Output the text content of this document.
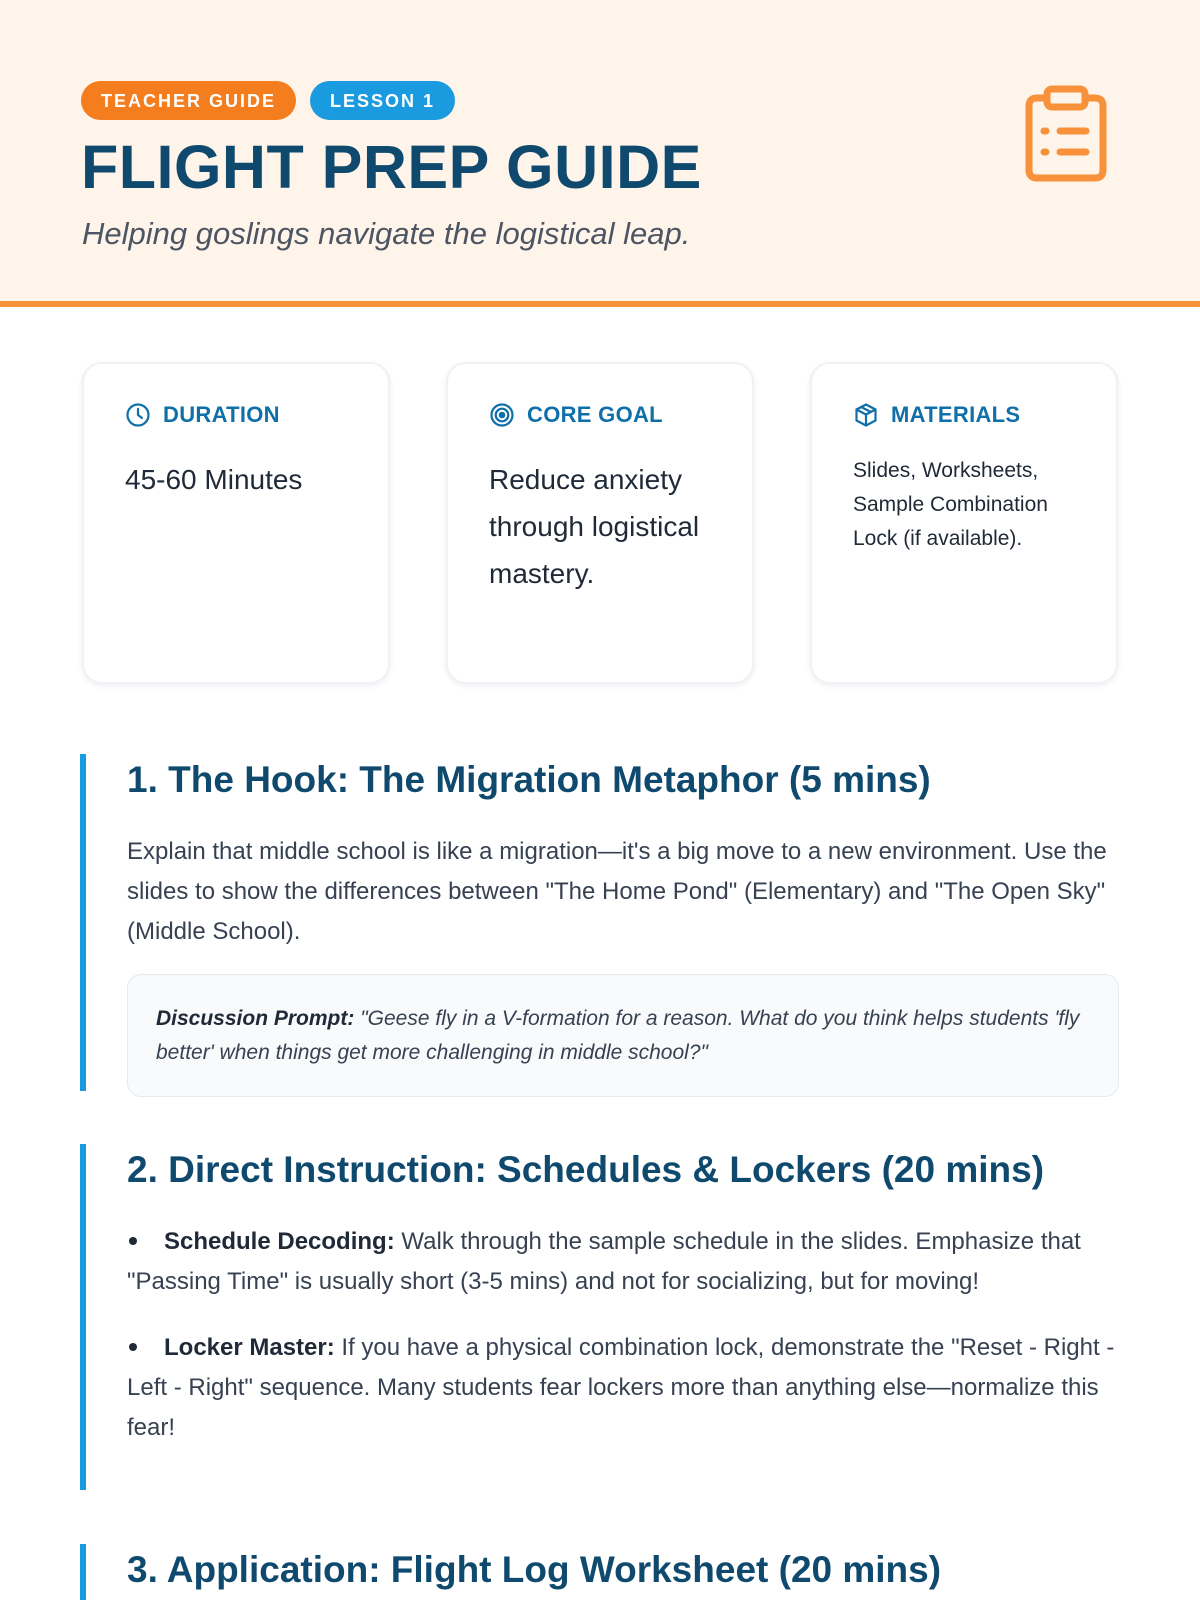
TEACHER GUIDE	LESSON 1
FLIGHT PREP GUIDE
Helping goslings navigate the logistical leap.
DURATION
45-60 Minutes
CORE GOAL
Reduce anxiety through logistical mastery.
MATERIALS
Slides, Worksheets, Sample Combination Lock (if available).
1. The Hook: The Migration Metaphor (5 mins)

Explain that middle school is like a migration—it's a big move to a new environment. Use the slides to show the differences between "The Home Pond" (Elementary) and "The Open Sky" (Middle School).

Discussion Prompt: "Geese fly in a V-formation for a reason. What do you think helps students 'fly better' when things get more challenging in middle school?"
2. Direct Instruction: Schedules & Lockers (20 mins)

Schedule Decoding: Walk through the sample schedule in the slides. Emphasize that "Passing Time" is usually short (3-5 mins) and not for socializing, but for moving!

Locker Master: If you have a physical combination lock, demonstrate the "Reset - Right - Left - Right" sequence. Many students fear lockers more than anything else—normalize this fear!

3. Application: Flight Log Worksheet (20 mins)
